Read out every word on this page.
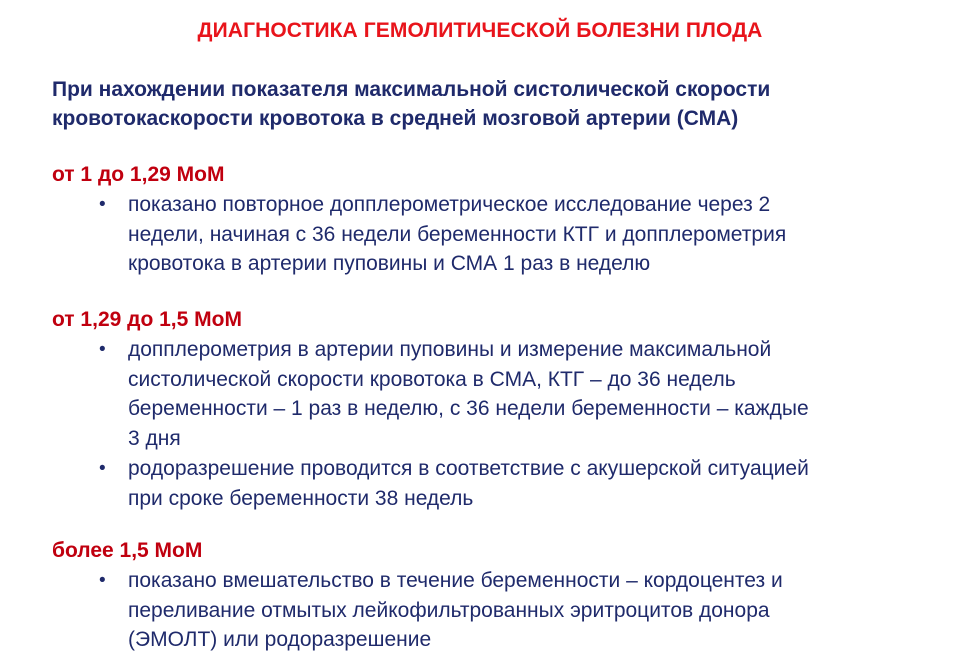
ДИАГНОСТИКА ГЕМОЛИТИЧЕСКОЙ БОЛЕЗНИ ПЛОДА
При нахождении показателя максимальной систолической скорости
кровотокаскорости кровотока в средней мозговой артерии (СМА)
от 1 до 1,29 МоМ
• показано повторное допплерометрическое исследование через 2
недели, начиная с 36 недели беременности КТГ и допплерометрия
кровотока в артерии пуповины и СМА 1 раз в неделю
от 1,29 до 1,5 МоМ
• допплерометрия в артерии пуповины и измерение максимальной
систолической скорости кровотока в СМА, КТГ – до 36 недель
беременности – 1 раз в неделю, с 36 недели беременности – каждые
3 дня
• родоразрешение проводится в соответствие с акушерской ситуацией
при сроке беременности 38 недель
более 1,5 МоМ
• показано вмешательство в течение беременности – кордоцентез и
переливание отмытых лейкофильтрованных эритроцитов донора
(ЭМОЛТ) или родоразрешение
